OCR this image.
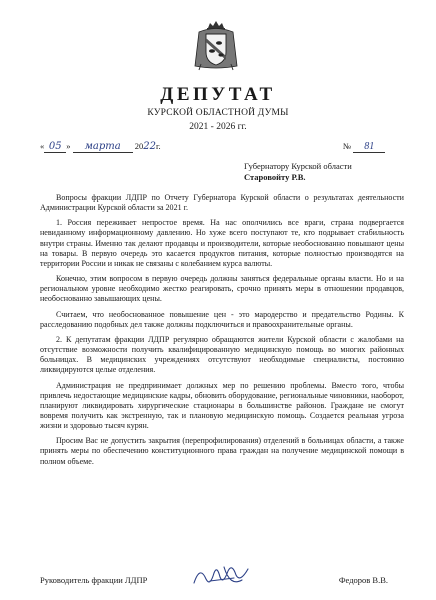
ДЕПУТАТ
КУРСКОЙ ОБЛАСТНОЙ ДУМЫ
2021 - 2026 гг.
« 05 » марта 2022г.	№ 81
Губернатору Курской области
Старовойту Р.В.

Вопросы фракции ЛДПР по Отчету Губернатора Курской области о результатах деятельности Администрации Курской области за 2021 г.

1. Россия переживает непростое время. На нас ополчились все враги, страна подвергается невиданному информационному давлению. Но хуже всего поступают те, кто подрывает стабильность внутри страны. Именно так делают продавцы и производители, которые необоснованно повышают цены на товары. В первую очередь это касается продуктов питания, которые полностью производятся на территории России и никак не связаны с колебанием курса валюты.

Конечно, этим вопросом в первую очередь должны заняться федеральные органы власти. Но и на региональном уровне необходимо жестко реагировать, срочно принять меры в отношении продавцов, необоснованно завышающих цены.

Считаем, что необоснованное повышение цен - это мародерство и предательство Родины. К расследованию подобных дел также должны подключиться и правоохранительные органы.

2. К депутатам фракции ЛДПР регулярно обращаются жители Курской области с жалобами на отсутствие возможности получить квалифицированную медицинскую помощь во многих районных больницах. В медицинских учреждениях отсутствуют необходимые специалисты, постоянно ликвидируются целые отделения.

Администрация не предпринимает должных мер по решению проблемы. Вместо того, чтобы привлечь недостающие медицинские кадры, обновить оборудование, региональные чиновники, наоборот, планируют ликвидировать хирургические стационары в большинстве районов. Граждане не смогут вовремя получить как экстренную, так и плановую медицинскую помощь. Создается реальная угроза жизни и здоровью тысяч курян.

Просим Вас не допустить закрытия (перепрофилирования) отделений в больницах области, а также принять меры по обеспечению конституционного права граждан на получение медицинской помощи в полном объеме.

Руководитель фракции ЛДПР	Федоров В.В.
